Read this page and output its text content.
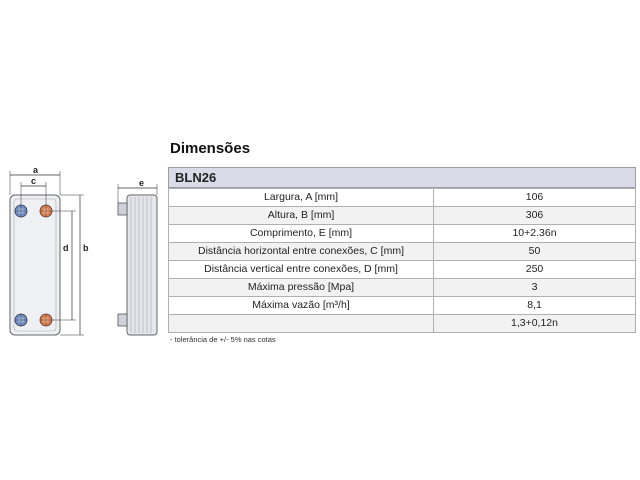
a
c
d b
e
Dimensões
BLN26
Largura, A [mm]	106
Altura, B [mm]	306
Comprimento, E [mm]	10+2.36n
Distância horizontal entre conexões, C [mm]	50
Distância vertical entre conexões, D [mm]	250
Máxima pressão [Mpa]	3
Máxima vazão [m³/h]	8,1
	1,3+0,12n
- tolerância de +/- 5% nas cotas
